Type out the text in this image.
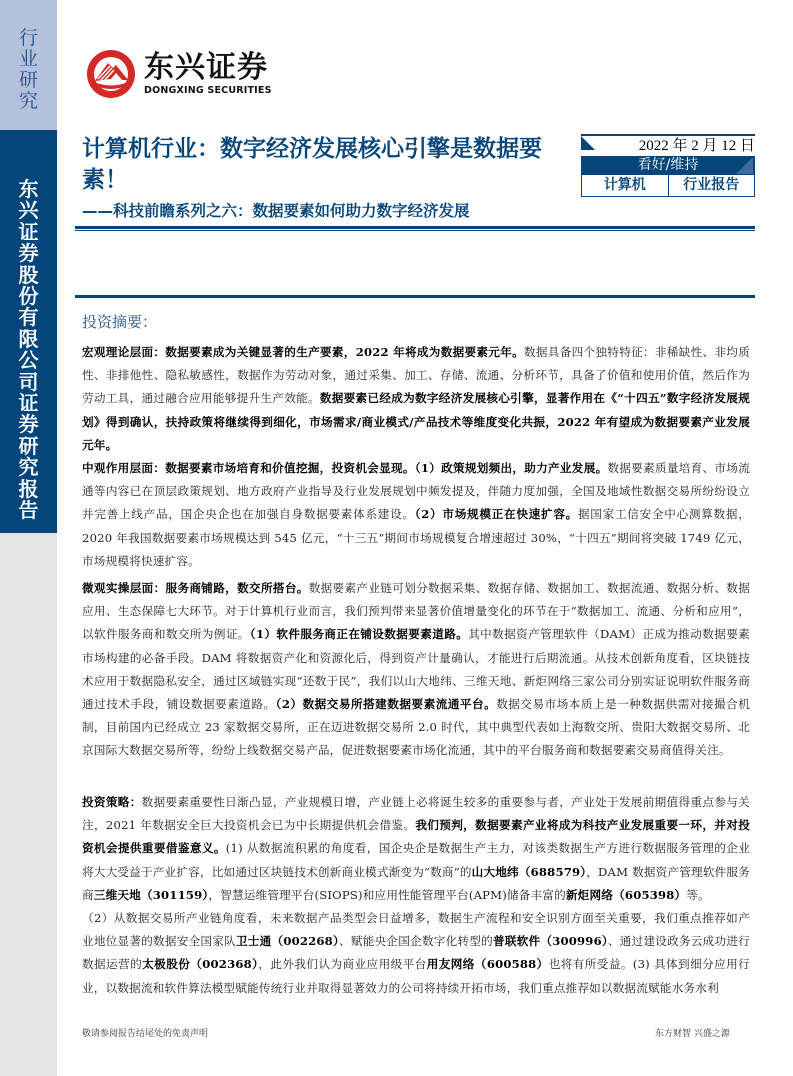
行
业
研
究
东
兴
证
券
股
份
有
限
公
司
证
券
研
究
报
告
东兴证券
DONGXING SECURITIES
计算机行业：数字经济发展核心引擎是数据要素！
——科技前瞻系列之六：数据要素如何助力数字经济发展
2022 年 2 月 12 日
看好/维持
计算机	行业报告
投资摘要：
宏观理论层面：数据要素成为关键显著的生产要素，2022 年将成为数据要素元年。数据具备四个独特特征：非稀缺性、非均质性、非排他性、隐私敏感性，数据作为劳动对象，通过采集、加工、存储、流通、分析环节，具备了价值和使用价值，然后作为劳动工具，通过融合应用能够提升生产效能。数据要素已经成为数字经济发展核心引擎，显著作用在《“十四五”数字经济发展规划》得到确认，扶持政策将继续得到细化，市场需求/商业模式/产品技术等维度变化共振，2022 年有望成为数据要素产业发展元年。
中观作用层面：数据要素市场培育和价值挖掘，投资机会显现。（1）政策规划频出，助力产业发展。数据要素质量培育、市场流通等内容已在顶层政策规划、地方政府产业指导及行业发展规划中频发提及，伴随力度加强，全国及地域性数据交易所纷纷设立并完善上线产品，国企央企也在加强自身数据要素体系建设。（2）市场规模正在快速扩容。据国家工信安全中心测算数据，2020 年我国数据要素市场规模达到 545 亿元，“十三五”期间市场规模复合增速超过 30%，“十四五”期间将突破 1749 亿元，市场规模将快速扩容。
微观实操层面：服务商铺路，数交所搭台。数据要素产业链可划分数据采集、数据存储、数据加工、数据流通、数据分析、数据应用、生态保障七大环节。对于计算机行业而言，我们预判带来显著价值增量变化的环节在于“数据加工、流通、分析和应用”，以软件服务商和数交所为例证。（1）软件服务商正在铺设数据要素道路。其中数据资产管理软件（DAM）正成为推动数据要素市场构建的必备手段。DAM 将数据资产化和资源化后，得到资产计量确认，才能进行后期流通。从技术创新角度看，区块链技术应用于数据隐私安全，通过区域链实现“还数于民”，我们以山大地纬、三维天地、新炬网络三家公司分别实证说明软件服务商通过技术手段，铺设数据要素道路。（2）数据交易所搭建数据要素流通平台。数据交易市场本质上是一种数据供需对接撮合机制，目前国内已经成立 23 家数据交易所，正在迈进数据交易所 2.0 时代，其中典型代表如上海数交所、贵阳大数据交易所、北京国际大数据交易所等，纷纷上线数据交易产品，促进数据要素市场化流通，其中的平台服务商和数据要素交易商值得关注。
投资策略：数据要素重要性日渐凸显，产业规模日增，产业链上必将诞生较多的重要参与者，产业处于发展前期值得重点参与关注，2021 年数据安全巨大投资机会已为中长期提供机会借鉴。我们预判，数据要素产业将成为科技产业发展重要一环，并对投资机会提供重要借鉴意义。(1) 从数据流积累的角度看，国企央企是数据生产主力，对该类数据生产方进行数据服务管理的企业将大大受益于产业扩容，比如通过区块链技术创新商业模式渐变为“数商”的山大地纬（688579），DAM 数据资产管理软件服务商三维天地（301159），智慧运维管理平台(SIOPS)和应用性能管理平台(APM)储备丰富的新炬网络（605398）等。
（2）从数据交易所产业链角度看，未来数据产品类型会日益增多，数据生产流程和安全识别方面至关重要，我们重点推荐如产业地位显著的数据安全国家队卫士通（002268）、赋能央企国企数字化转型的普联软件（300996）、通过建设政务云成功进行数据运营的太极股份（002368），此外我们认为商业应用级平台用友网络（600588）也将有所受益。(3) 具体到细分应用行业，以数据流和软件算法模型赋能传统行业并取得显著效力的公司将持续开拓市场，我们重点推荐如以数据流赋能水务水利
敬请参阅报告结尾处的免责声明	东方财智 兴盛之源
